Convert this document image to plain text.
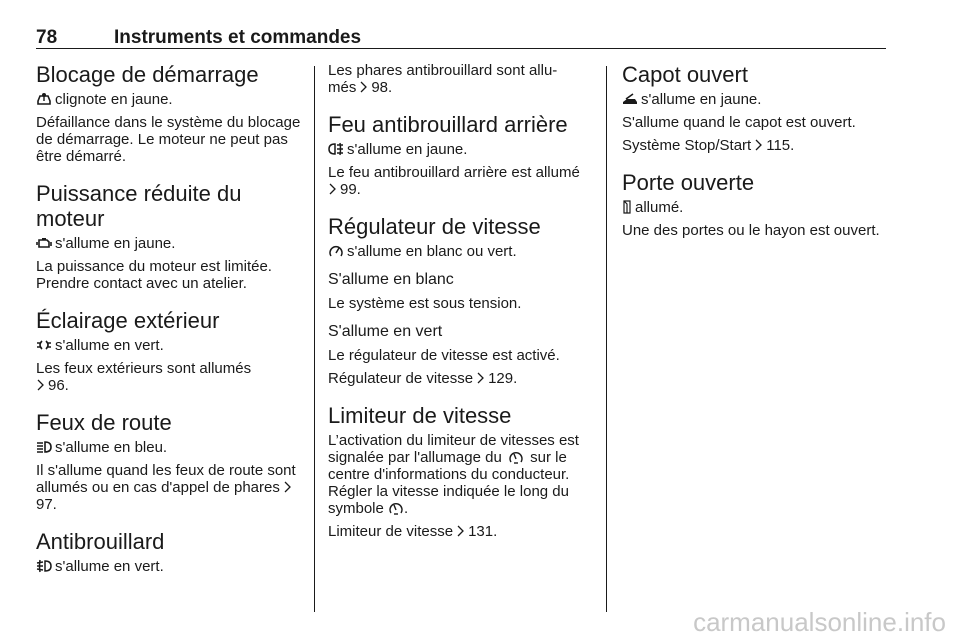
78	Instruments et commandes
Blocage de démarrage

clignote en jaune.

Défaillance dans le système du blocage de démarrage. Le moteur ne peut pas être démarré.

Puissance réduite du
moteur

s'allume en jaune.

La puissance du moteur est limitée. Prendre contact avec un atelier.

Éclairage extérieur

s'allume en vert.

Les feux extérieurs sont allumés

96.

Feux de route

s'allume en bleu.

Il s'allume quand les feux de route sont allumés ou en cas d'appel de phares
97.

Antibrouillard

s'allume en vert.

Les phares antibrouillard sont allu-
més 98.

Feu antibrouillard arrière

s'allume en jaune.

Le feu antibrouillard arrière est allumé

99.

Régulateur de vitesse

s'allume en blanc ou vert.

S'allume en blanc

Le système est sous tension.

S'allume en vert

Le régulateur de vitesse est activé.

Régulateur de vitesse 129.

Limiteur de vitesse

L’activation du limiteur de vitesses est signalée par l'allumage du sur le centre d'informations du conducteur. Régler la vitesse indiquée le long du symbole .

Limiteur de vitesse 131.

Capot ouvert

s'allume en jaune.

S'allume quand le capot est ouvert.

Système Stop/Start 115.

Porte ouverte

allumé.

Une des portes ou le hayon est ouvert.

carmanualsonline.info
